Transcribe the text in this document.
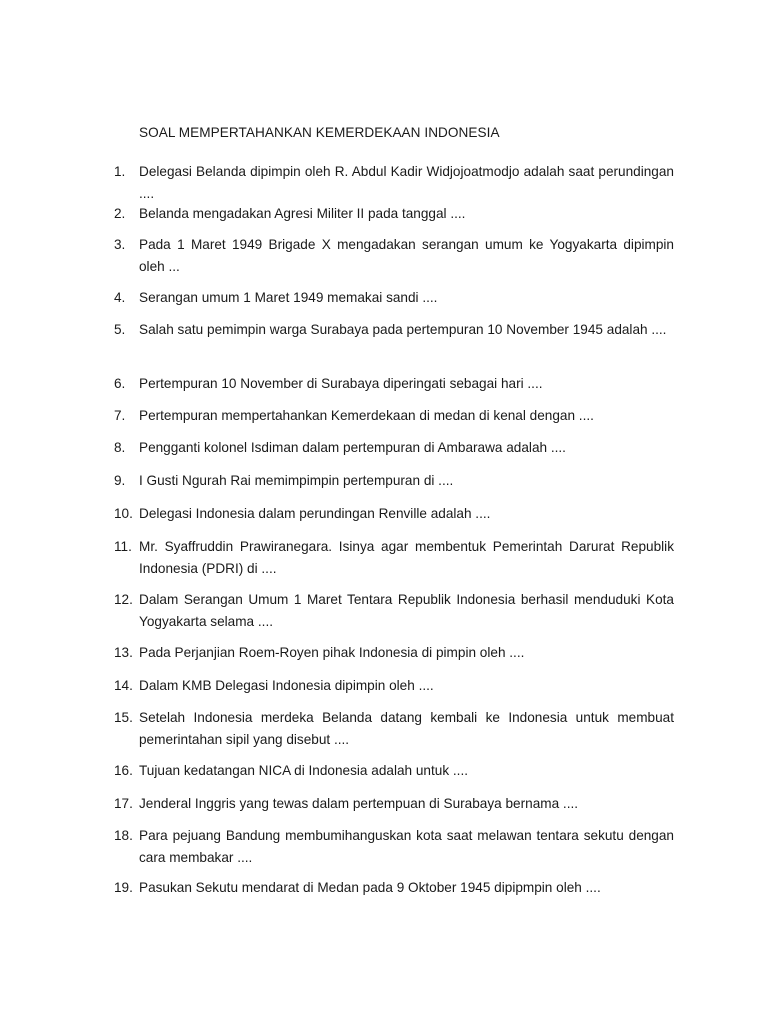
SOAL MEMPERTAHANKAN KEMERDEKAAN INDONESIA
1.	Delegasi Belanda dipimpin oleh R. Abdul Kadir Widjojoatmodjo adalah saat perundingan ....
2.	Belanda mengadakan Agresi Militer II pada tanggal ....
3.	Pada 1 Maret 1949 Brigade X mengadakan serangan umum ke Yogyakarta dipimpin oleh ...
4.	Serangan umum 1 Maret 1949 memakai sandi ....
5.	Salah satu pemimpin warga Surabaya pada pertempuran 10 November 1945 adalah ....
6.	Pertempuran 10 November di Surabaya diperingati sebagai hari ....
7.	Pertempuran mempertahankan Kemerdekaan di medan di kenal dengan ....
8.	Pengganti kolonel Isdiman dalam pertempuran di Ambarawa adalah ....
9.	I Gusti Ngurah Rai memimpimpin pertempuran di ....
10. Delegasi Indonesia dalam perundingan Renville adalah ....
11. Mr. Syaffruddin Prawiranegara. Isinya agar membentuk Pemerintah Darurat Republik Indonesia (PDRI) di ....
12. Dalam Serangan Umum 1 Maret Tentara Republik Indonesia berhasil menduduki Kota Yogyakarta selama ....
13. Pada Perjanjian Roem-Royen pihak Indonesia di pimpin oleh ....
14. Dalam KMB Delegasi Indonesia dipimpin oleh ....
15. Setelah Indonesia merdeka Belanda datang kembali ke Indonesia untuk membuat pemerintahan sipil yang disebut ....
16. Tujuan kedatangan NICA di Indonesia adalah untuk ....
17. Jenderal Inggris yang tewas dalam pertempuan di Surabaya bernama ....
18. Para pejuang Bandung membumihanguskan kota saat melawan tentara sekutu dengan cara membakar ....
19. Pasukan Sekutu mendarat di Medan pada 9 Oktober 1945 dipipmpin oleh ....
